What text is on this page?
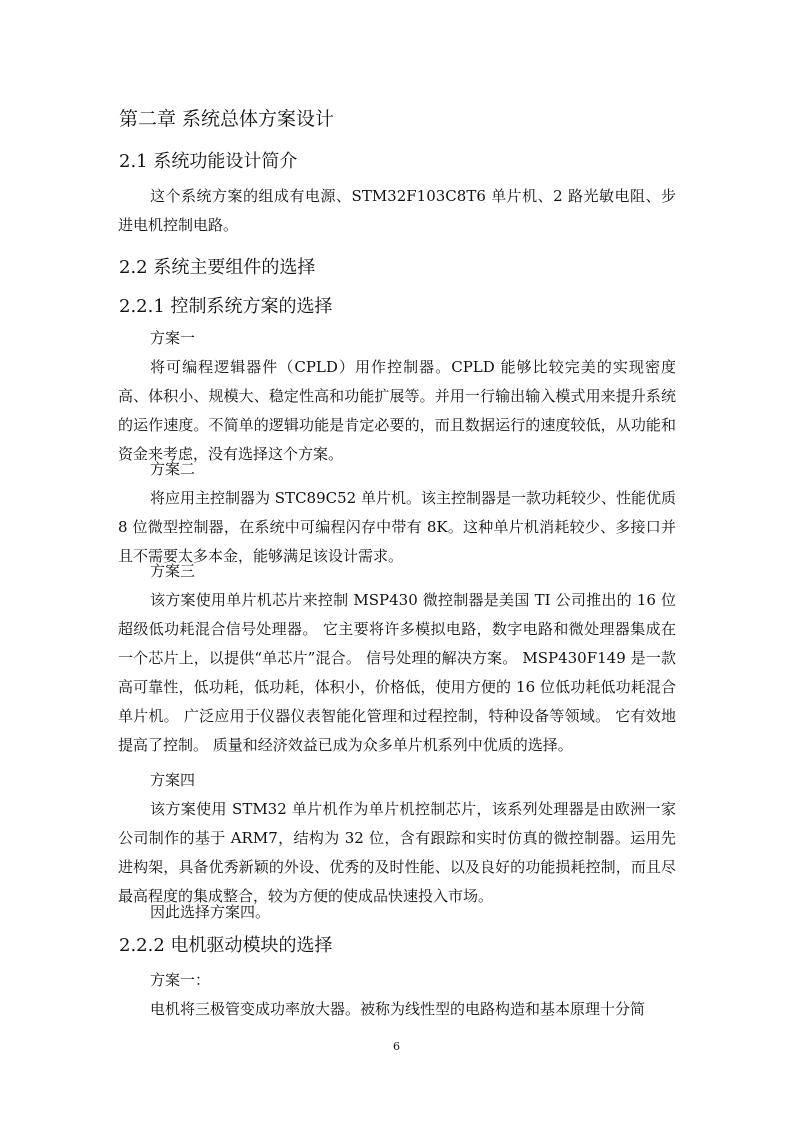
第二章 系统总体方案设计
2.1 系统功能设计简介

这个系统方案的组成有电源、STM32F103C8T6 单片机、2 路光敏电阻、步进电机控制电路。

2.2 系统主要组件的选择
2.2.1 控制系统方案的选择

方案一

将可编程逻辑器件（CPLD）用作控制器。CPLD 能够比较完美的实现密度高、体积小、规模大、稳定性高和功能扩展等。并用一行输出输入模式用来提升系统的运作速度。不简单的逻辑功能是肯定必要的，而且数据运行的速度较低，从功能和资金来考虑，没有选择这个方案。

方案二

将应用主控制器为 STC89C52 单片机。该主控制器是一款功耗较少、性能优质 8 位微型控制器，在系统中可编程闪存中带有 8K。这种单片机消耗较少、多接口并且不需要太多本金，能够满足该设计需求。

方案三

该方案使用单片机芯片来控制 MSP430 微控制器是美国 TI 公司推出的 16 位超级低功耗混合信号处理器。 它主要将许多模拟电路，数字电路和微处理器集成在一个芯片上，以提供“单芯片”混合。 信号处理的解决方案。 MSP430F149 是一款高可靠性，低功耗，低功耗，体积小，价格低，使用方便的 16 位低功耗低功耗混合单片机。 广泛应用于仪器仪表智能化管理和过程控制，特种设备等领域。 它有效地提高了控制。 质量和经济效益已成为众多单片机系列中优质的选择。

方案四

该方案使用 STM32 单片机作为单片机控制芯片，该系列处理器是由欧洲一家公司制作的基于 ARM7，结构为 32 位，含有跟踪和实时仿真的微控制器。运用先进构架，具备优秀新颖的外设、优秀的及时性能、以及良好的功能损耗控制，而且尽最高程度的集成整合，较为方便的使成品快速投入市场。

因此选择方案四。

2.2.2 电机驱动模块的选择

方案一：

电机将三极管变成功率放大器。被称为线性型的电路构造和基本原理十分简

6
